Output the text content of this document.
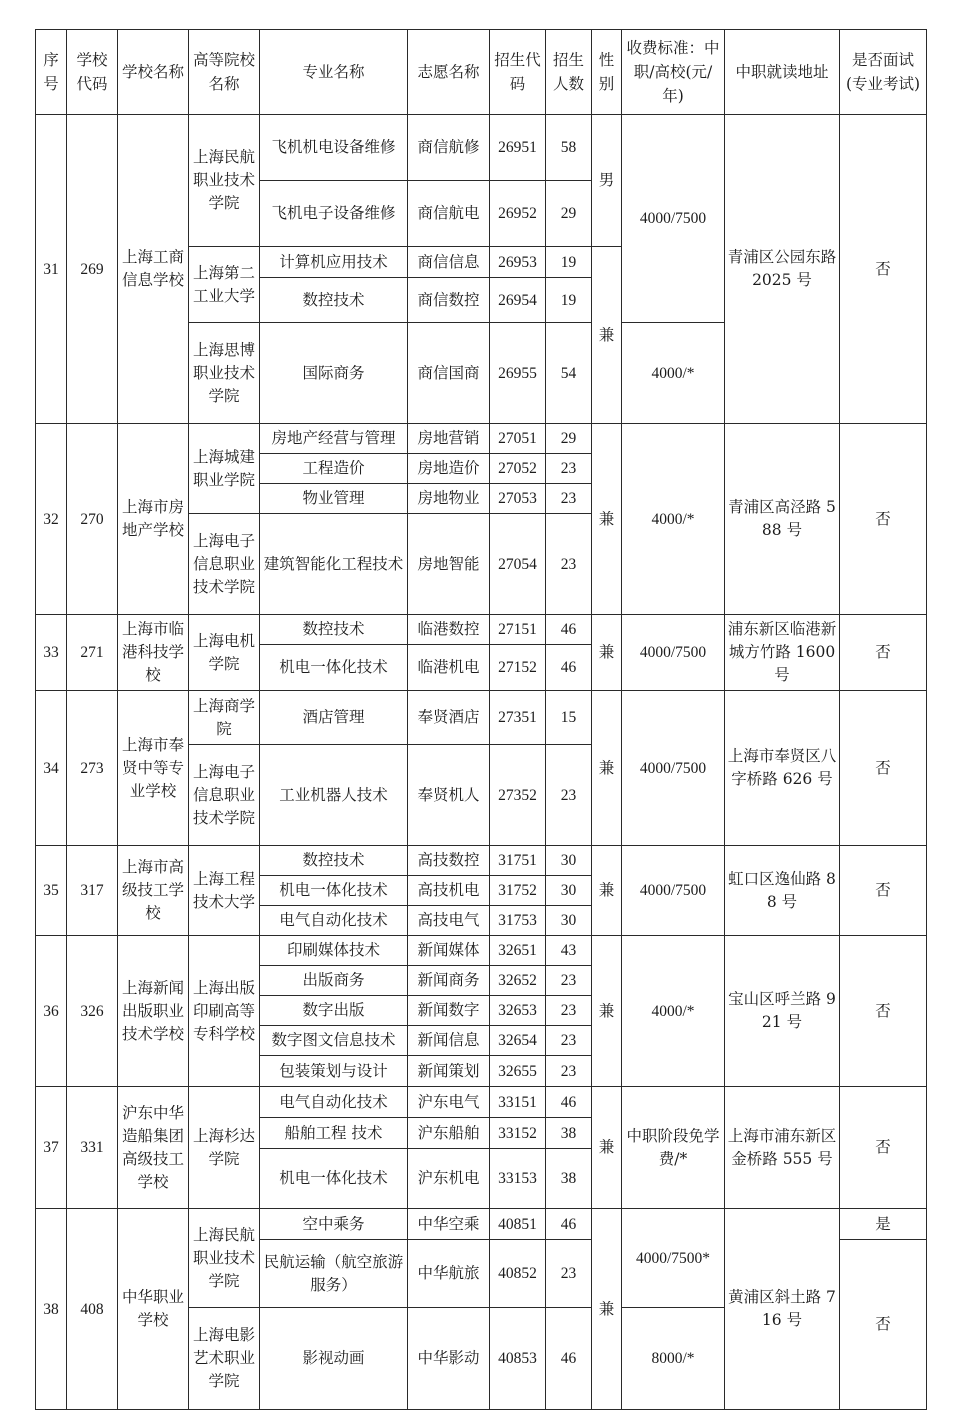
序号	学校代码	学校名称	高等院校名称	专业名称	志愿名称	招生代码	招生人数	性别	收费标准：中职/高校(元/年)	中职就读地址	是否面试(专业考试)
31	269	上海工商信息学校	上海民航职业技术学院	飞机机电设备维修	商信航修	26951	58	男	4000/7500	青浦区公园东路 2025 号	否
				飞机电子设备维修	商信航电	26952	29				
			上海第二工业大学	计算机应用技术	商信信息	26953	19	兼			
				数控技术	商信数控	26954	19				
			上海思博职业技术学院	国际商务	商信国商	26955	54		4000/*		
32	270	上海市房地产学校	上海城建职业学院	房地产经营与管理	房地营销	27051	29	兼	4000/*	青浦区高泾路 588 号	否
				工程造价	房地造价	27052	23				
				物业管理	房地物业	27053	23				
			上海电子信息职业技术学院	建筑智能化工程技术	房地智能	27054	23				
33	271	上海市临港科技学校	上海电机学院	数控技术	临港数控	27151	46	兼	4000/7500	浦东新区临港新城方竹路 1600 号	否
				机电一体化技术	临港机电	27152	46				
34	273	上海市奉贤中等专业学校	上海商学院	酒店管理	奉贤酒店	27351	15	兼	4000/7500	上海市奉贤区八字桥路 626 号	否
			上海电子信息职业技术学院	工业机器人技术	奉贤机人	27352	23				
35	317	上海市高级技工学校	上海工程技术大学	数控技术	高技数控	31751	30	兼	4000/7500	虹口区逸仙路 88 号	否
				机电一体化技术	高技机电	31752	30				
				电气自动化技术	高技电气	31753	30				
36	326	上海新闻出版职业技术学校	上海出版印刷高等专科学校	印刷媒体技术	新闻媒体	32651	43	兼	4000/*	宝山区呼兰路 921 号	否
				出版商务	新闻商务	32652	23				
				数字出版	新闻数字	32653	23				
				数字图文信息技术	新闻信息	32654	23				
				包装策划与设计	新闻策划	32655	23				
37	331	沪东中华造船集团高级技工学校	上海杉达学院	电气自动化技术	沪东电气	33151	46	兼	中职阶段免学费/*	上海市浦东新区金桥路 555 号	否
				船舶工程 技术	沪东船舶	33152	38				
				机电一体化技术	沪东机电	33153	38				
38	408	中华职业学校	上海民航职业技术学院	空中乘务	中华空乘	40851	46	兼	4000/7500*	黄浦区斜土路 716 号	是
				民航运输（航空旅游服务）	中华航旅	40852	23				否
			上海电影艺术职业学院	影视动画	中华影动	40853	46		8000/*		
